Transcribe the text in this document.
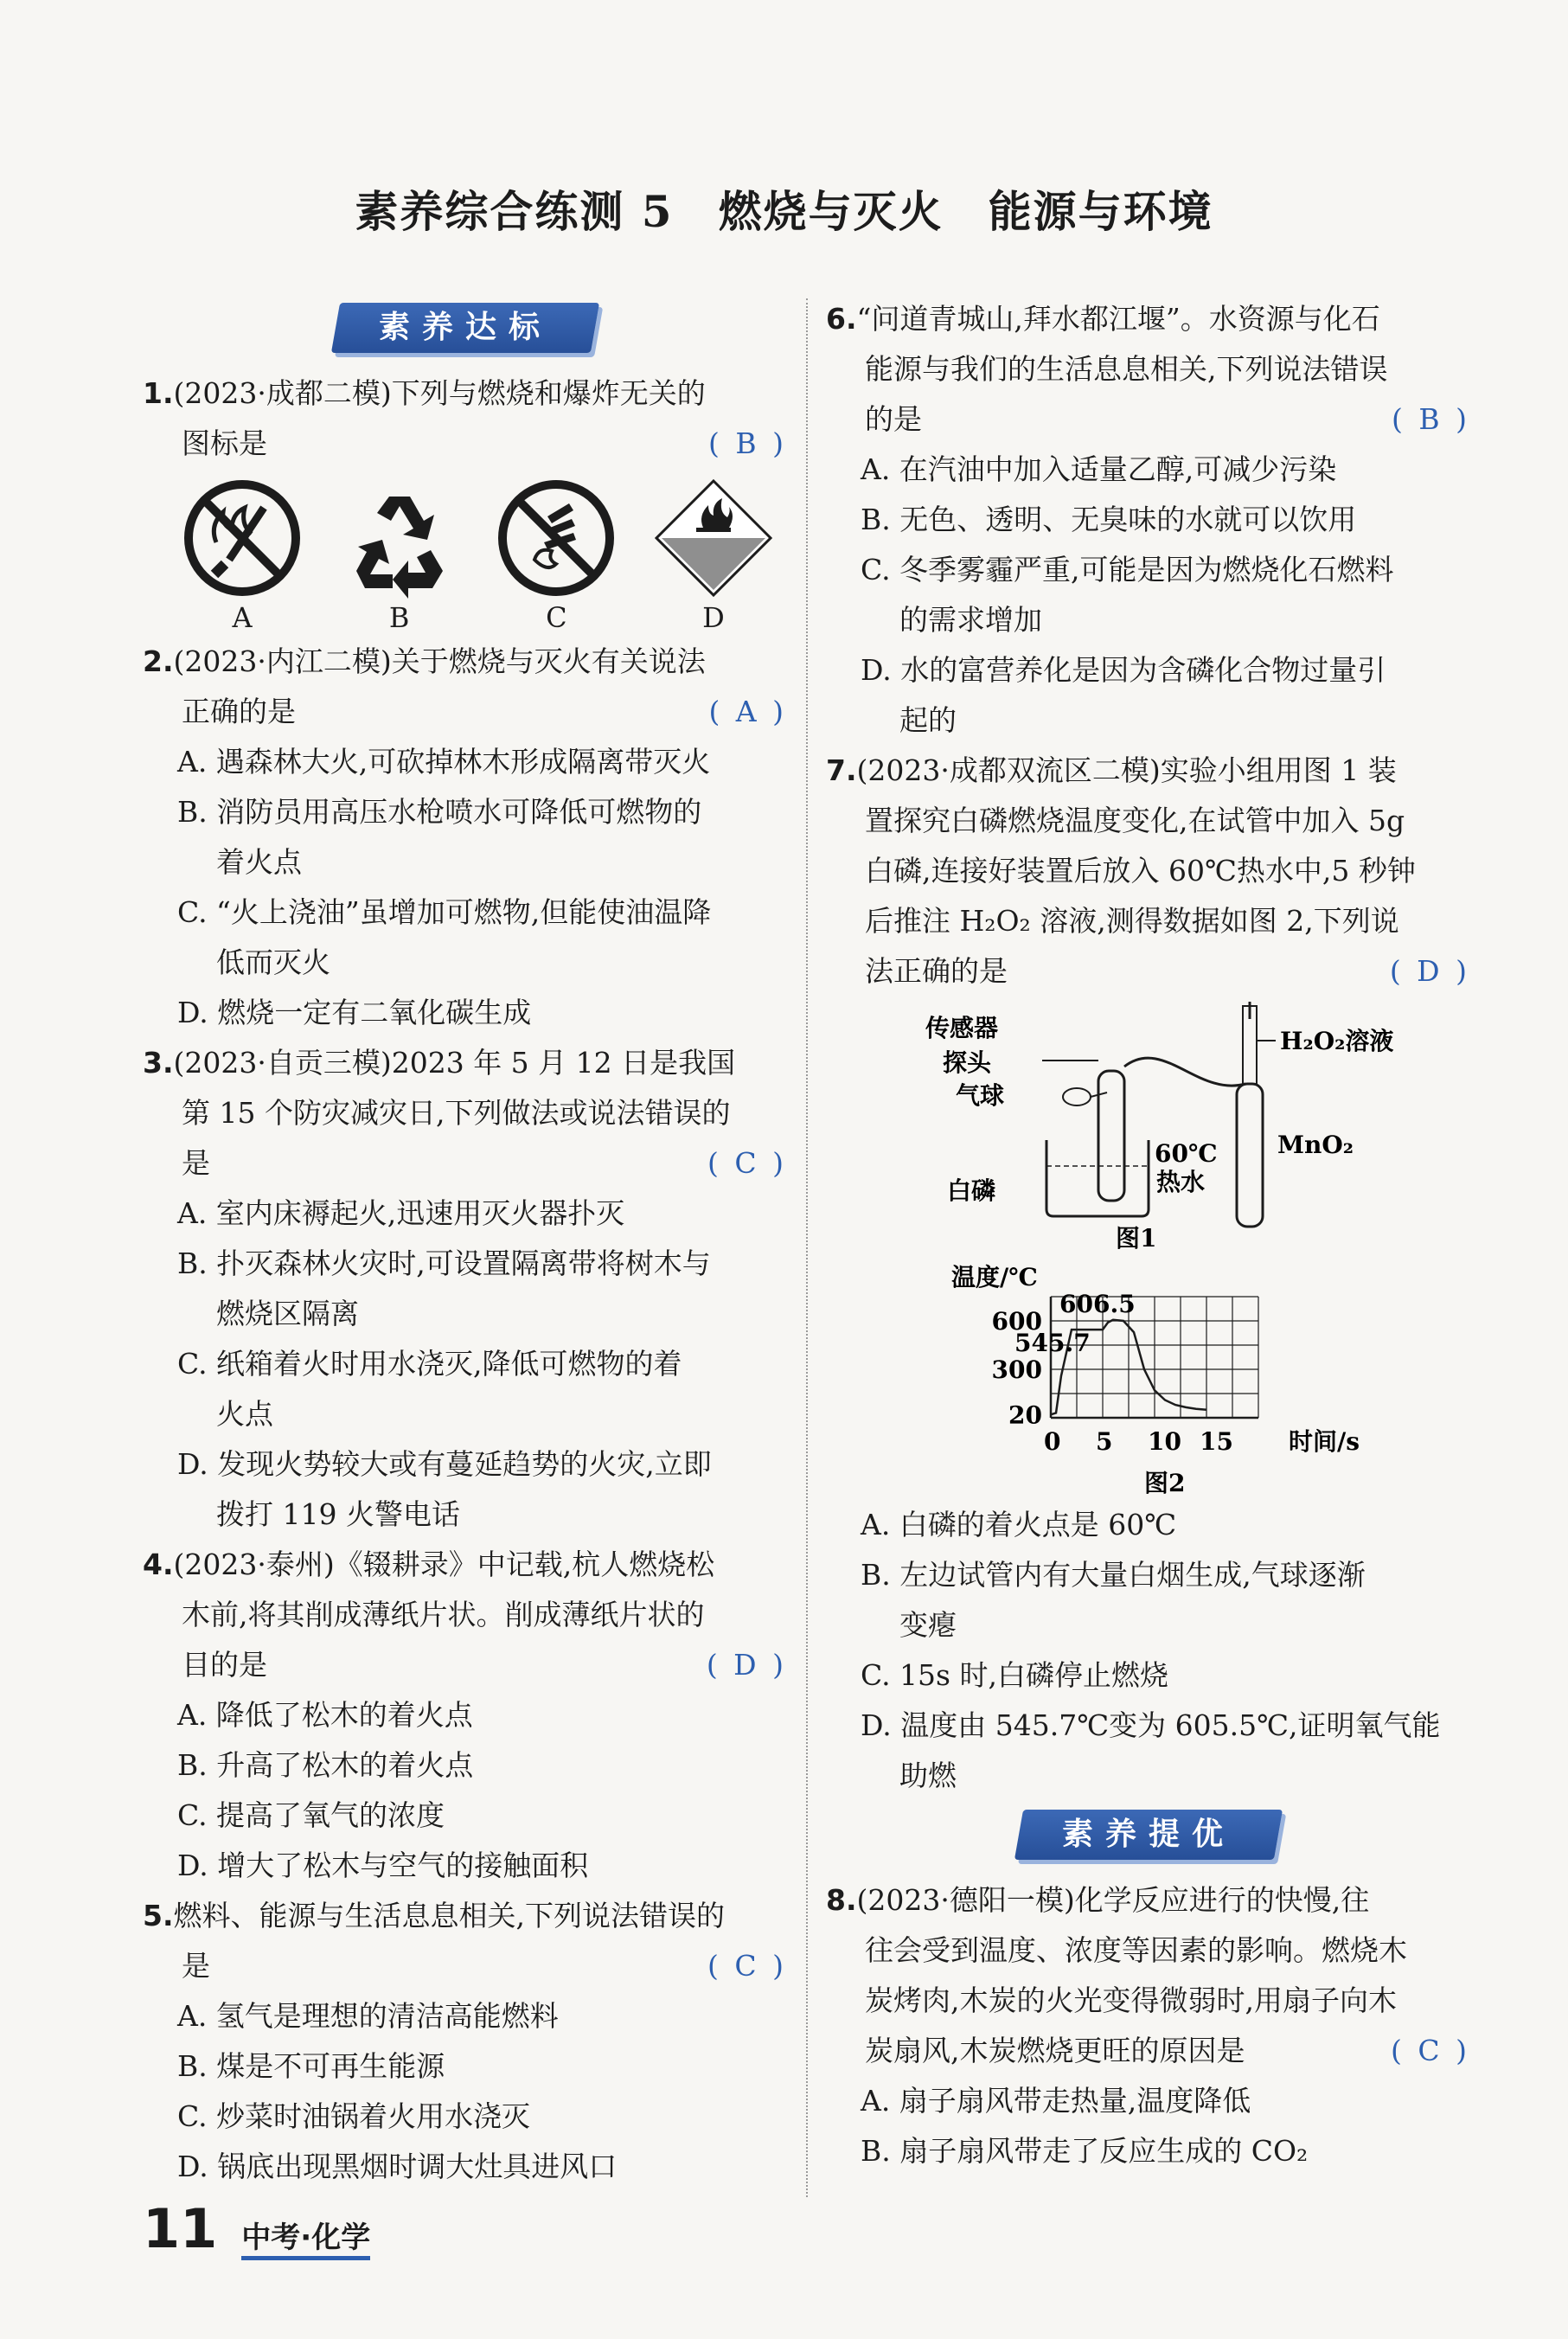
素养综合练测 5　燃烧与灭火　能源与环境
素养达标
1.(2023·成都二模)下列与燃烧和爆炸无关的
图标是	( B )
A	B	C	D
2.(2023·内江二模)关于燃烧与灭火有关说法
正确的是	( A )
A. 遇森林大火,可砍掉林木形成隔离带灭火
B. 消防员用高压水枪喷水可降低可燃物的
着火点
C. “火上浇油”虽增加可燃物,但能使油温降
低而灭火
D. 燃烧一定有二氧化碳生成
3.(2023·自贡三模)2023 年 5 月 12 日是我国
第 15 个防灾减灾日,下列做法或说法错误的
是	( C )
A. 室内床褥起火,迅速用灭火器扑灭
B. 扑灭森林火灾时,可设置隔离带将树木与
燃烧区隔离
C. 纸箱着火时用水浇灭,降低可燃物的着
火点
D. 发现火势较大或有蔓延趋势的火灾,立即
拨打 119 火警电话
4.(2023·泰州)《辍耕录》中记载,杭人燃烧松
木前,将其削成薄纸片状。削成薄纸片状的
目的是	( D )
A. 降低了松木的着火点
B. 升高了松木的着火点
C. 提高了氧气的浓度
D. 增大了松木与空气的接触面积
5.燃料、能源与生活息息相关,下列说法错误的
是	( C )
A. 氢气是理想的清洁高能燃料
B. 煤是不可再生能源
C. 炒菜时油锅着火用水浇灭
D. 锅底出现黑烟时调大灶具进风口
6.“问道青城山,拜水都江堰”。水资源与化石
能源与我们的生活息息相关,下列说法错误
的是	( B )
A. 在汽油中加入适量乙醇,可减少污染
B. 无色、透明、无臭味的水就可以饮用
C. 冬季雾霾严重,可能是因为燃烧化石燃料
的需求增加
D. 水的富营养化是因为含磷化合物过量引
起的
7.(2023·成都双流区二模)实验小组用图 1 装
置探究白磷燃烧温度变化,在试管中加入 5g
白磷,连接好装置后放入 60℃热水中,5 秒钟
后推注 H₂O₂ 溶液,测得数据如图 2,下列说
法正确的是	( D )
传感器
探头
气球
白磷
60℃
热水
H₂O₂溶液
MnO₂
图1
温度/℃
时间/s
图2
0 5 10 15
20
300
600
606.5
545.7
A. 白磷的着火点是 60℃
B. 左边试管内有大量白烟生成,气球逐渐
变瘪
C. 15s 时,白磷停止燃烧
D. 温度由 545.7℃变为 605.5℃,证明氧气能
助燃
素养提优
8.(2023·德阳一模)化学反应进行的快慢,往
往会受到温度、浓度等因素的影响。燃烧木
炭烤肉,木炭的火光变得微弱时,用扇子向木
炭扇风,木炭燃烧更旺的原因是	( C )
A. 扇子扇风带走热量,温度降低
B. 扇子扇风带走了反应生成的 CO₂
11 中考·化学
